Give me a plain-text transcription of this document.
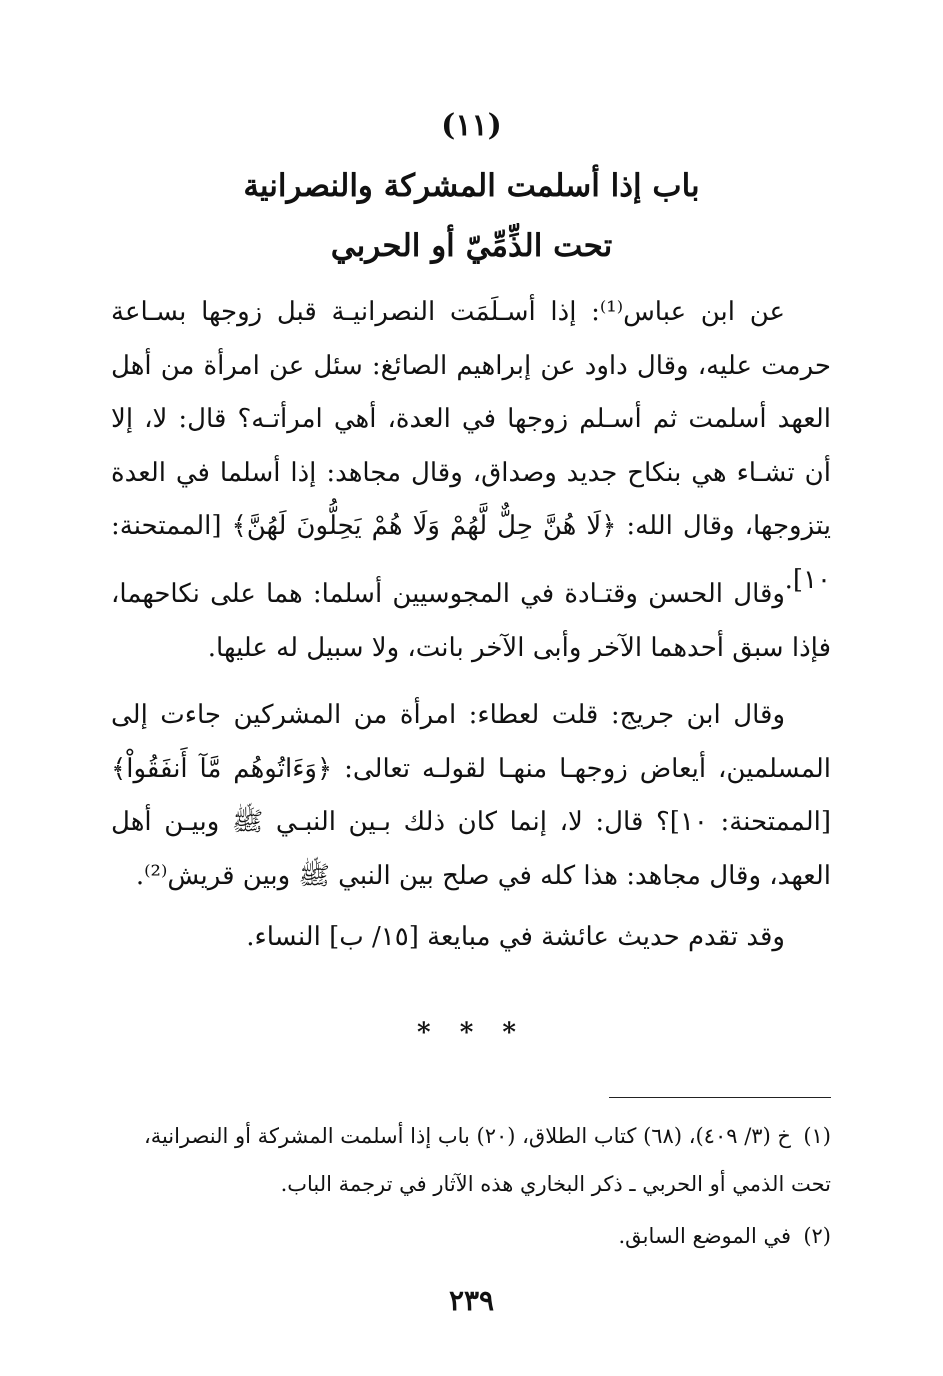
(١١)
باب إذا أسلمت المشركة والنصرانية
تحت الذِّمِّيّ أو الحربي

عن ابن عباس⁽¹⁾: إذا أسـلَمَت النصرانيـة قبل زوجها بسـاعة حرمت عليه، وقال داود عن إبراهيم الصائغ: سئل عن امرأة من أهل العهد أسلمت ثم أسـلم زوجها في العدة، أهي امرأتـه؟ قال: لا، إلا أن تشـاء هي بنكاح جديد وصداق، وقال مجاهد: إذا أسلما في العدة يتزوجها، وقال الله: ﴿لَا هُنَّ حِلٌّ لَّهُمْ وَلَا هُمْ يَحِلُّونَ لَهُنَّ﴾ [الممتحنة: ١٠].

وقال الحسن وقتـادة في المجوسيين أسلما: هما على نكاحهما، فإذا سبق أحدهما الآخر وأبى الآخر بانت، ولا سبيل له عليها.

وقال ابن جريج: قلت لعطاء: امرأة من المشركين جاءت إلى المسلمين، أيعاض زوجهـا منهـا لقولـه تعالى: ﴿وَءَاتُوهُم مَّآ أَنفَقُواْ﴾ [الممتحنة: ١٠]؟ قال: لا، إنما كان ذلك بـين النبـي ﷺ وبيـن أهل العهد، وقال مجاهد: هذا كله في صلح بين النبي ﷺ وبين قريش⁽²⁾.

وقد تقدم حديث عائشة في مبايعة [١٥/ ب] النساء.

* * *

(١)خ (٣/ ٤٠٩)، (٦٨) كتاب الطلاق، (٢٠) باب إذا أسلمت المشركة أو النصرانية، تحت الذمي أو الحربي ـ ذكر البخاري هذه الآثار في ترجمة الباب.

(٢)في الموضع السابق.

٢٣٩
